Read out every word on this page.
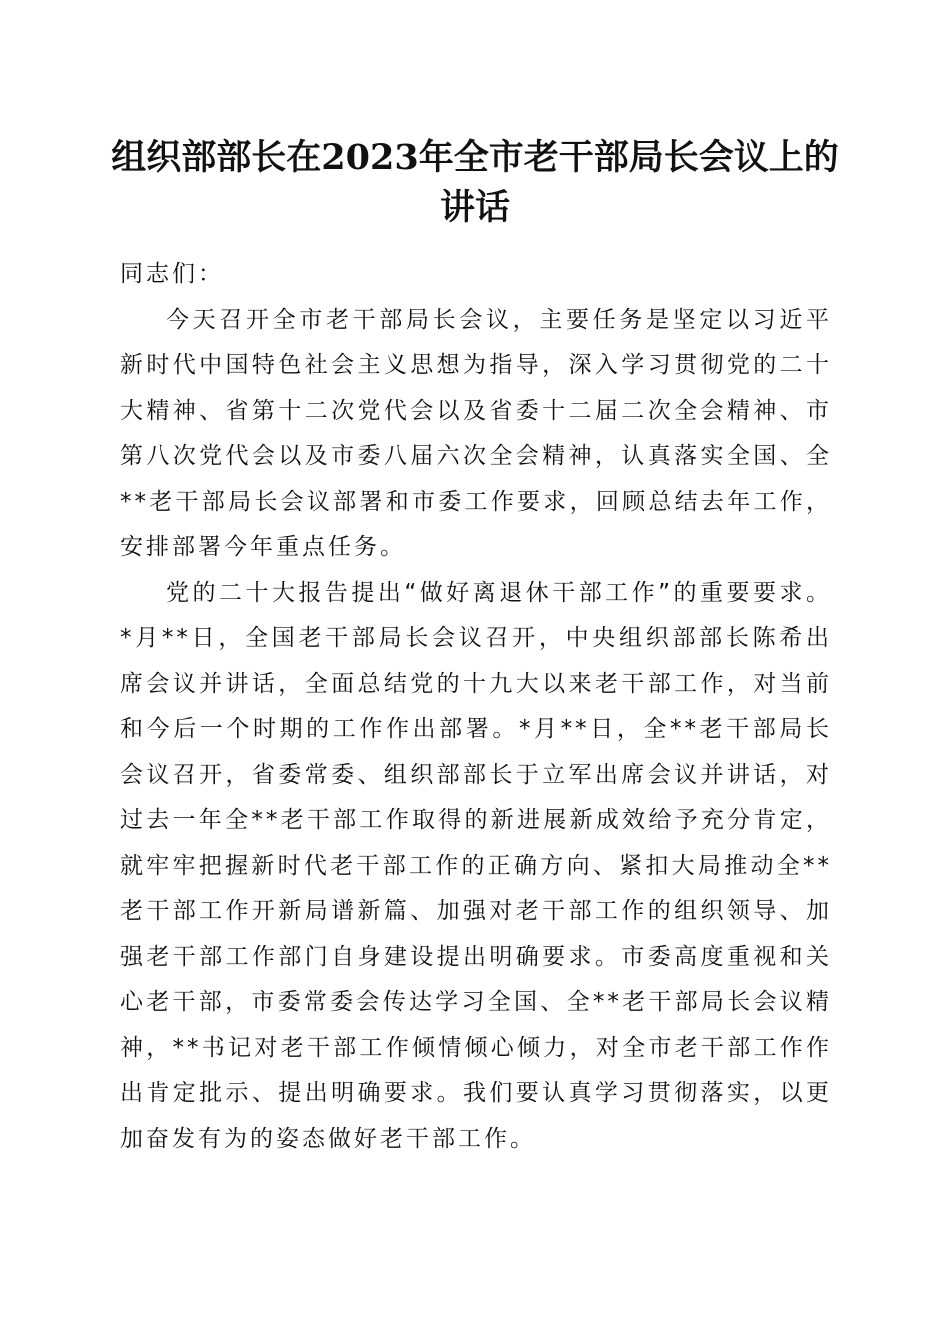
组织部部长在2023年全市老干部局长会议上的讲话

同志们：

今天召开全市老干部局长会议，主要任务是坚定以习近平新时代中国特色社会主义思想为指导，深入学习贯彻党的二十大精神、省第十二次党代会以及省委十二届二次全会精神、市第八次党代会以及市委八届六次全会精神，认真落实全国、全**老干部局长会议部署和市委工作要求，回顾总结去年工作，安排部署今年重点任务。

党的二十大报告提出“做好离退休干部工作”的重要要求。*月**日，全国老干部局长会议召开，中央组织部部长陈希出席会议并讲话，全面总结党的十九大以来老干部工作，对当前和今后一个时期的工作作出部署。*月**日，全**老干部局长会议召开，省委常委、组织部部长于立军出席会议并讲话，对过去一年全**老干部工作取得的新进展新成效给予充分肯定，就牢牢把握新时代老干部工作的正确方向、紧扣大局推动全**老干部工作开新局谱新篇、加强对老干部工作的组织领导、加强老干部工作部门自身建设提出明确要求。市委高度重视和关心老干部，市委常委会传达学习全国、全**老干部局长会议精神，**书记对老干部工作倾情倾心倾力，对全市老干部工作作出肯定批示、提出明确要求。我们要认真学习贯彻落实，以更加奋发有为的姿态做好老干部工作。
